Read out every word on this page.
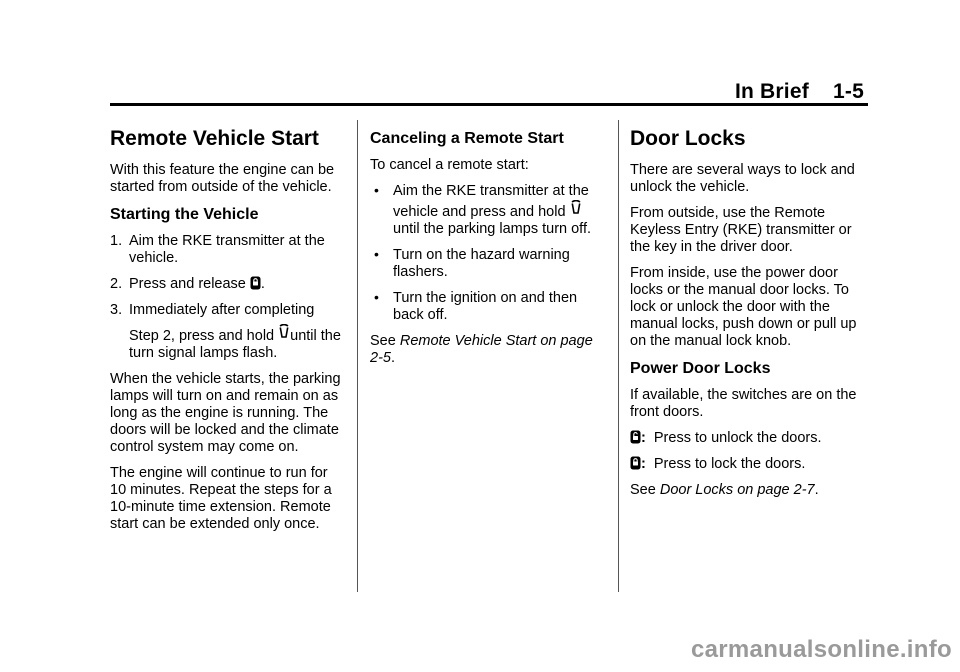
In Brief 1-5
Remote Vehicle Start

With this feature the engine can be started from outside of the vehicle.

Starting the Vehicle
1. Aim the RKE transmitter at the vehicle.
2. Press and release
.
3. Immediately after completing
Step 2, press and hold
until the turn signal lamps flash.

When the vehicle starts, the parking lamps will turn on and remain on as long as the engine is running. The doors will be locked and the climate control system may come on.

The engine will continue to run for 10 minutes. Repeat the steps for a 10-minute time extension. Remote start can be extended only once.

Canceling a Remote Start

To cancel a remote start:

• Aim the RKE transmitter at the vehicle and press and hold
until the parking lamps turn off.
• Turn on the hazard warning flashers.
• Turn the ignition on and then back off.

See Remote Vehicle Start on page 2-5.

Door Locks

There are several ways to lock and unlock the vehicle.

From outside, use the Remote Keyless Entry (RKE) transmitter or the key in the driver door.

From inside, use the power door locks or the manual door locks. To lock or unlock the door with the manual locks, push down or pull up on the manual lock knob.

Power Door Locks

If available, the switches are on the front doors.

: Press to unlock the doors.

: Press to lock the doors.

See Door Locks on page 2-7.

carmanualsonline.info
